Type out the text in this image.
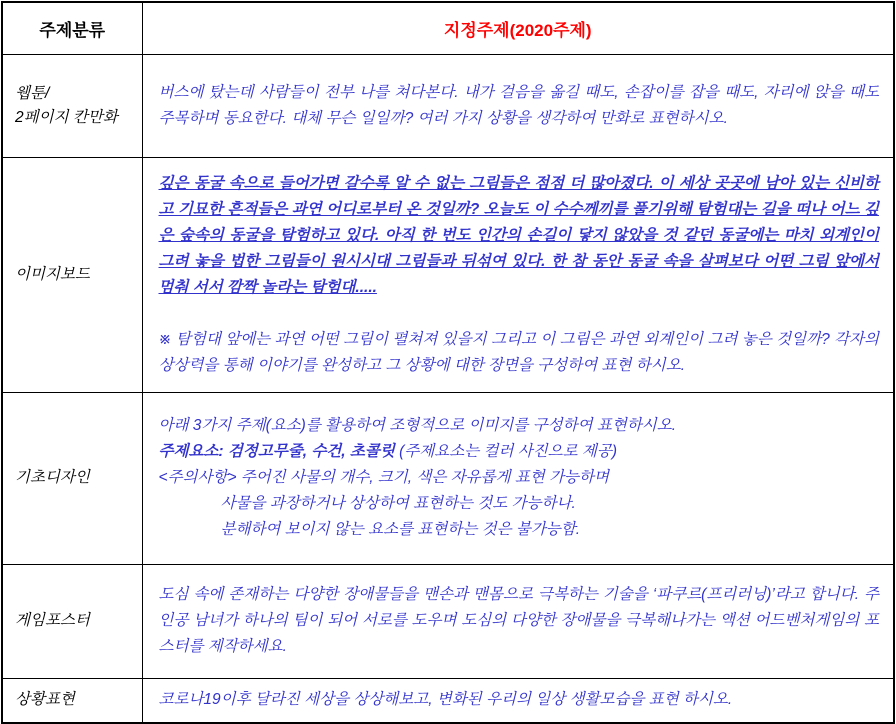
주제분류	지정주제(2020주제)

웹툰/
2페이지 칸만화	버스에 탔는데 사람들이 전부 나를 쳐다본다. 내가 걸음을 옮길 때도, 손잡이를 잡을 때도, 자리에 앉을 때도 주목하며 동요한다. 대체 무슨 일일까? 여러 가지 상황을 생각하여 만화로 표현하시오.

이미지보드	깊은 동굴 속으로 들어가면 갈수록 알 수 없는 그림들은 점점 더 많아졌다. 이 세상 곳곳에 남아 있는 신비하고 기묘한 흔적들은 과연 어디로부터 온 것일까? 오늘도 이 수수께끼를 풀기위해 탐험대는 길을 떠나 어느 깊은 숲속의 동굴을 탐험하고 있다. 아직 한 번도 인간의 손길이 닿지 않았을 것 같던 동굴에는 마치 외계인이 그려 놓을 법한 그림들이 원시시대 그림들과 뒤섞여 있다. 한 참 동안 동굴 속을 살펴보다 어떤 그림 앞에서 멈춰 서서 깜짝 놀라는 탐험대.....

※ 탐험대 앞에는 과연 어떤 그림이 펼쳐져 있을지 그리고 이 그림은 과연 외계인이 그려 놓은 것일까? 각자의 상상력을 통해 이야기를 완성하고 그 상황에 대한 장면을 구성하여 표현 하시오.

기초디자인	아래 3가지 주제(요소)를 활용하여 조형적으로 이미지를 구성하여 표현하시오.
주제요소: 검정고무줄, 수건, 초콜릿 (주제요소는 컬러 사진으로 제공)
<주의사항> 주어진 사물의 개수, 크기, 색은 자유롭게 표현 가능하며
사물을 과장하거나 상상하여 표현하는 것도 가능하나.
분해하여 보이지 않는 요소를 표현하는 것은 불가능함.

게임포스터	도심 속에 존재하는 다양한 장애물들을 맨손과 맨몸으로 극복하는 기술을 ‘파쿠르(프리러닝)’라고 합니다. 주인공 남녀가 하나의 팀이 되어 서로를 도우며 도심의 다양한 장애물을 극복해나가는 액션 어드벤처게임의 포스터를 제작하세요.

상황표현	코로나19이후 달라진 세상을 상상해보고, 변화된 우리의 일상 생활모습을 표현 하시오.
